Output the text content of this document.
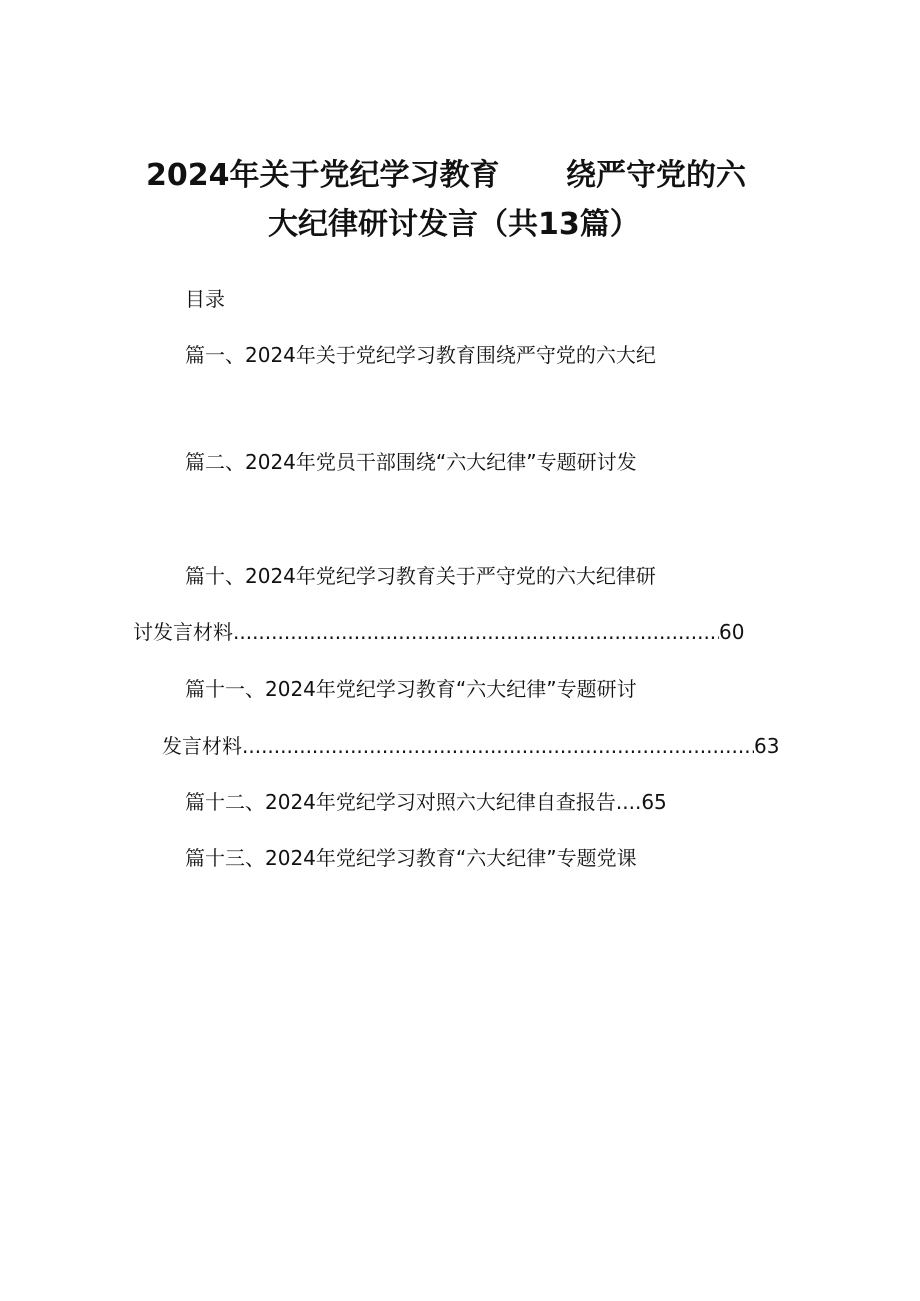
2024年关于党纪学习教育 绕严守党的六
大纪律研讨发言（共13篇）
目录
篇一、2024年关于党纪学习教育围绕严守党的六大纪
篇二、2024年党员干部围绕“六大纪律”专题研讨发
篇十、2024年党纪学习教育关于严守党的六大纪律研
讨发言材料 .....	60
篇十一、2024年党纪学习教育“六大纪律”专题研讨
发言材料 .....	63
篇十二、2024年党纪学习对照六大纪律自查报告....65
篇十三、2024年党纪学习教育“六大纪律”专题党课
